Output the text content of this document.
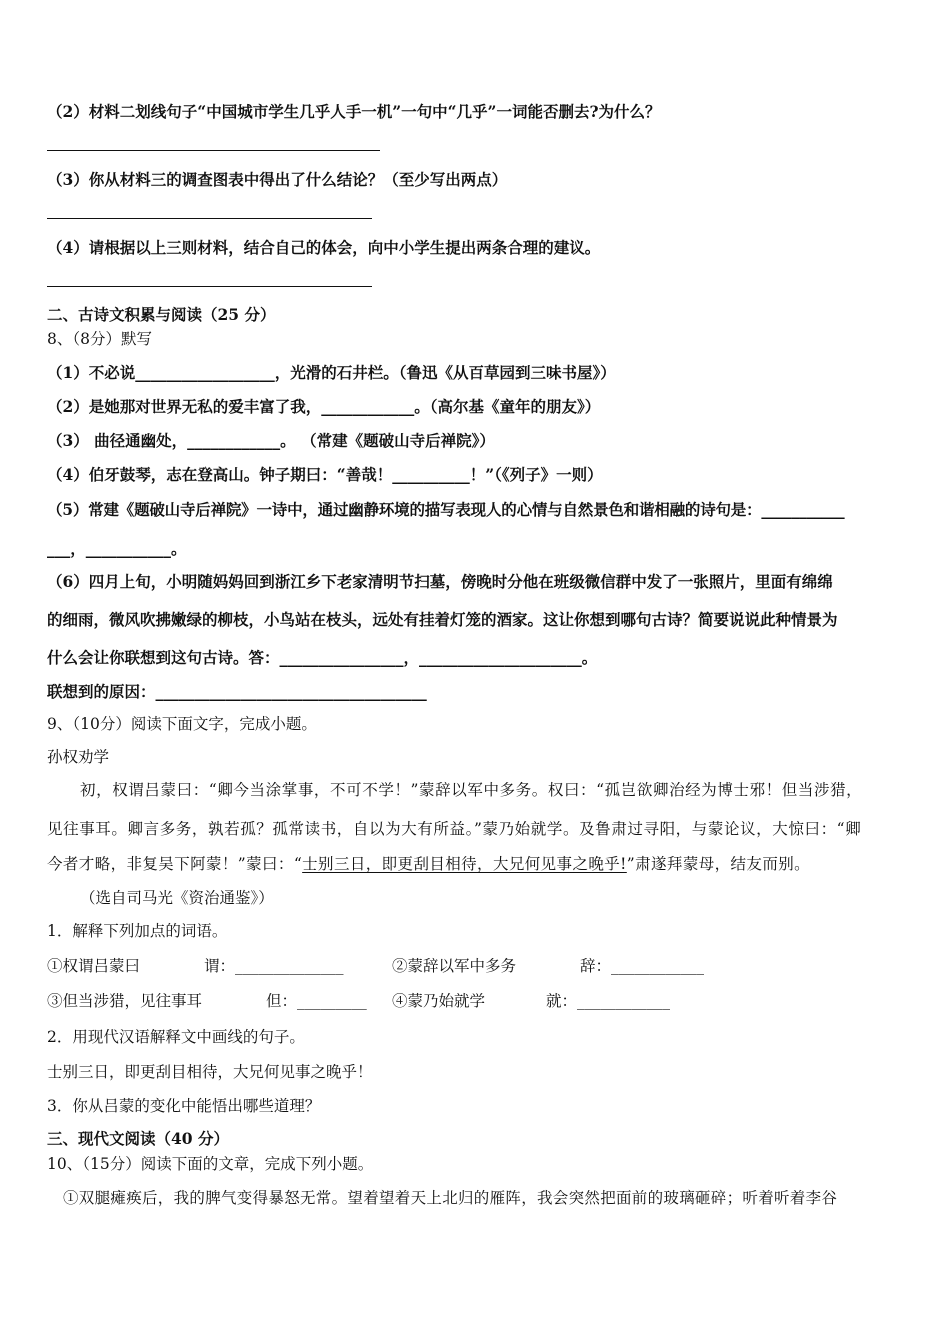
（2）材料二划线句子“中国城市学生几乎人手一机”一句中“几乎”一词能否删去?为什么？
（3）你从材料三的调查图表中得出了什么结论？（至少写出两点）
（4）请根据以上三则材料，结合自己的体会，向中小学生提出两条合理的建议。
二、古诗文积累与阅读（25 分）
8、（8分）默写
（1）不必说__________________，光滑的石井栏。（鲁迅《从百草园到三味书屋》）
（2）是她那对世界无私的爱丰富了我，____________。（高尔基《童年的朋友》）
（3） 曲径通幽处，____________。 （常建《题破山寺后禅院》）
（4）伯牙鼓琴，志在登高山。钟子期曰：“善哉！__________！”（《列子》一则）
（5）常建《题破山寺后禅院》一诗中，通过幽静环境的描写表现人的心情与自然景色和谐相融的诗句是：___________
___，___________。
（6）四月上旬，小明随妈妈回到浙江乡下老家清明节扫墓，傍晚时分他在班级微信群中发了一张照片，里面有绵绵
的细雨，微风吹拂嫩绿的柳枝，小鸟站在枝头，远处有挂着灯笼的酒家。这让你想到哪句古诗？简要说说此种情景为
什么会让你联想到这句古诗。答：________________，_____________________。
联想到的原因：___________________________________
9、（10分）阅读下面文字，完成小题。
孙权劝学
初，权谓吕蒙曰：“卿今当涂掌事，不可不学！”蒙辞以军中多务。权曰：“孤岂欲卿治经为博士邪！但当涉猎，
见往事耳。卿言多务，孰若孤？孤常读书，自以为大有所益。”蒙乃始就学。及鲁肃过寻阳，与蒙论议，大惊曰：“卿
今者才略，非复吴下阿蒙！”蒙曰：“士别三日，即更刮目相待，大兄何见事之晚乎!”肃遂拜蒙母，结友而别。
（选自司马光《资治通鉴》）
1．解释下列加点的词语。
①权谓吕蒙曰	谓：______________	②蒙辞以军中多务	辞：____________
③但当涉猎，见往事耳	但：_________ ④蒙乃始就学	就：____________
2．用现代汉语解释文中画线的句子。
士别三日，即更刮目相待，大兄何见事之晚乎！
3．你从吕蒙的变化中能悟出哪些道理？
三、现代文阅读（40 分）
10、（15分）阅读下面的文章，完成下列小题。
①双腿瘫痪后，我的脾气变得暴怒无常。望着望着天上北归的雁阵，我会突然把面前的玻璃砸碎；听着听着李谷
